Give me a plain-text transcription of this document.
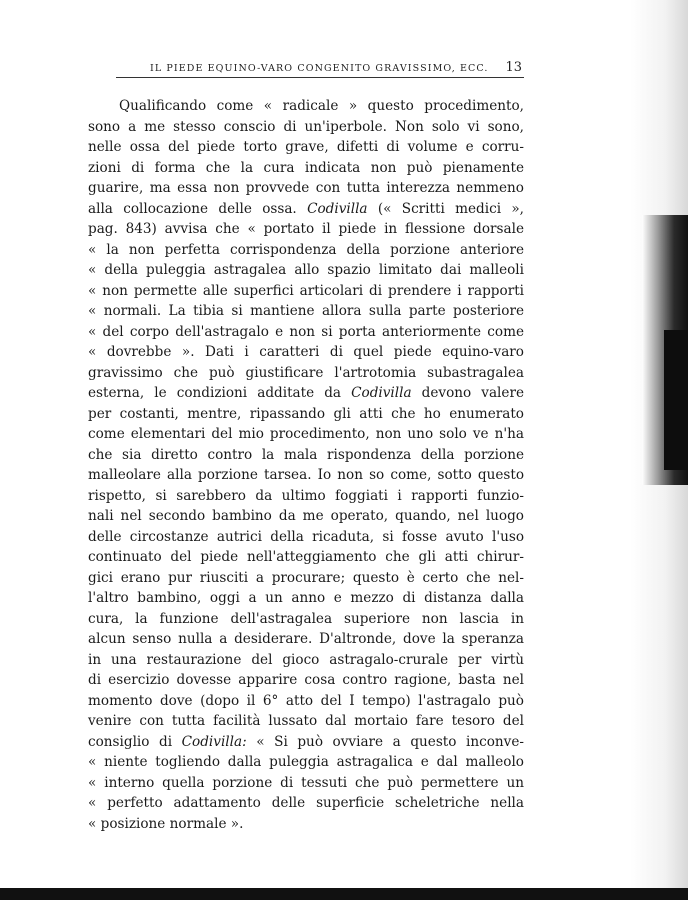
IL PIEDE EQUINO-VARO CONGENITO GRAVISSIMO, ECC. 13
Qualificando come « radicale » questo procedimento,
sono a me stesso conscio di un'iperbole. Non solo vi sono,
nelle ossa del piede torto grave, difetti di volume e corru-
zioni di forma che la cura indicata non può pienamente
guarire, ma essa non provvede con tutta interezza nemmeno
alla collocazione delle ossa. Codivilla (« Scritti medici »,
pag. 843) avvisa che « portato il piede in flessione dorsale
« la non perfetta corrispondenza della porzione anteriore
« della puleggia astragalea allo spazio limitato dai malleoli
« non permette alle superfici articolari di prendere i rapporti
« normali. La tibia si mantiene allora sulla parte posteriore
« del corpo dell'astragalo e non si porta anteriormente come
« dovrebbe ». Dati i caratteri di quel piede equino-varo
gravissimo che può giustificare l'artrotomia subastragalea
esterna, le condizioni additate da Codivilla devono valere
per costanti, mentre, ripassando gli atti che ho enumerato
come elementari del mio procedimento, non uno solo ve n'ha
che sia diretto contro la mala rispondenza della porzione
malleolare alla porzione tarsea. Io non so come, sotto questo
rispetto, si sarebbero da ultimo foggiati i rapporti funzio-
nali nel secondo bambino da me operato, quando, nel luogo
delle circostanze autrici della ricaduta, si fosse avuto l'uso
continuato del piede nell'atteggiamento che gli atti chirur-
gici erano pur riusciti a procurare; questo è certo che nel-
l'altro bambino, oggi a un anno e mezzo di distanza dalla
cura, la funzione dell'astragalea superiore non lascia in
alcun senso nulla a desiderare. D'altronde, dove la speranza
in una restaurazione del gioco astragalo-crurale per virtù
di esercizio dovesse apparire cosa contro ragione, basta nel
momento dove (dopo il 6° atto del I tempo) l'astragalo può
venire con tutta facilità lussato dal mortaio fare tesoro del
consiglio di Codivilla: « Si può ovviare a questo inconve-
« niente togliendo dalla puleggia astragalica e dal malleolo
« interno quella porzione di tessuti che può permettere un
« perfetto adattamento delle superficie scheletriche nella
« posizione normale ».
